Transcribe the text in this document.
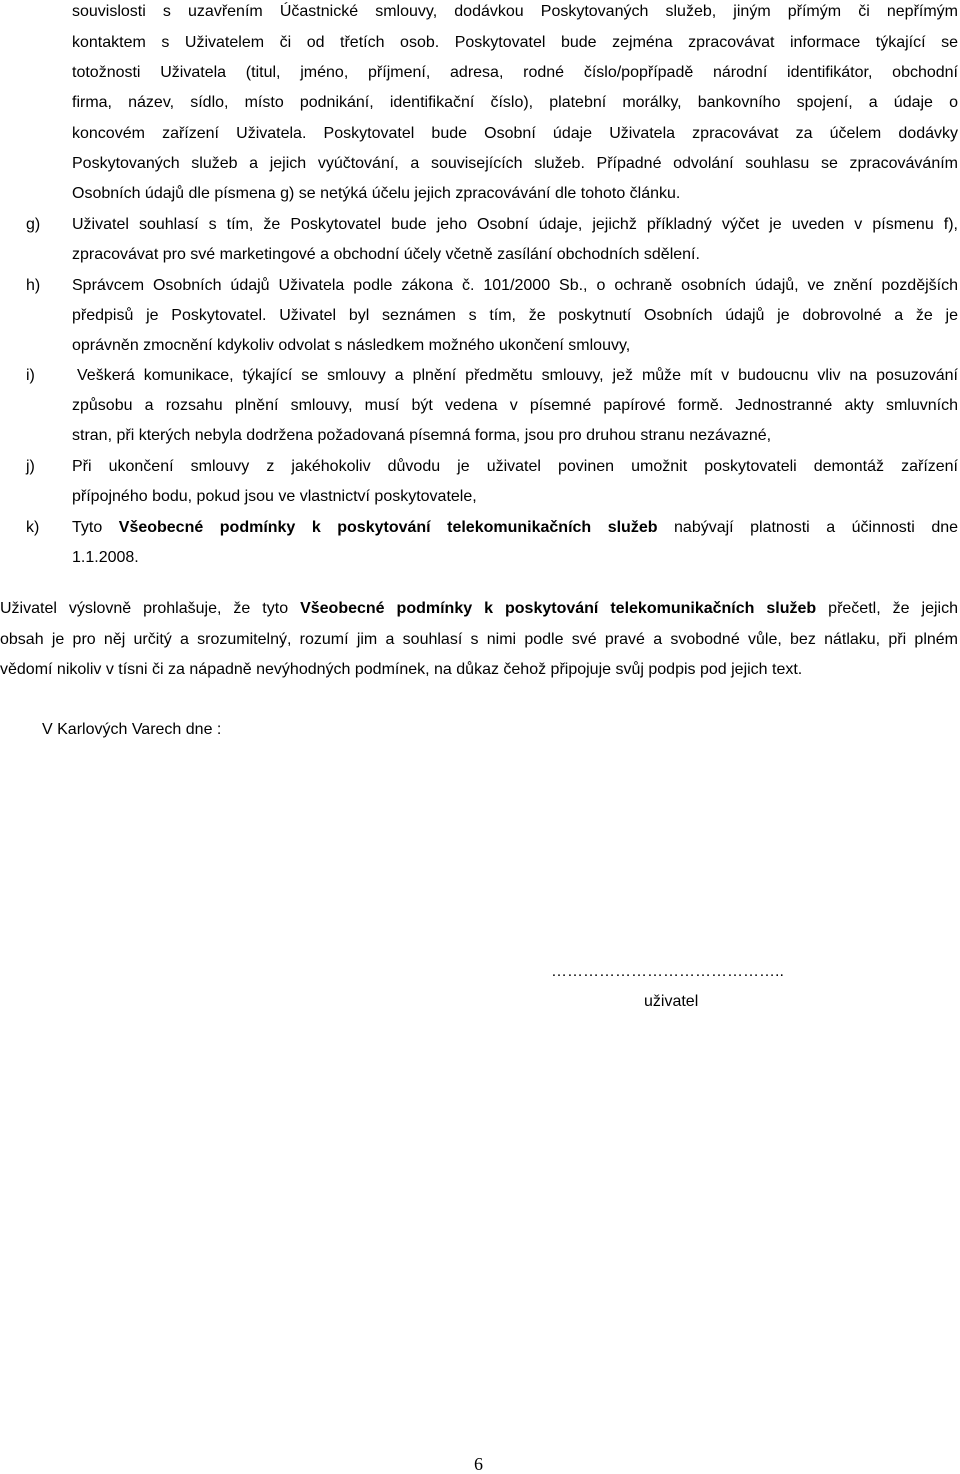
souvislosti s uzavřením Účastnické smlouvy, dodávkou Poskytovaných služeb, jiným přímým či nepřímým
kontaktem s Uživatelem či od třetích osob. Poskytovatel bude zejména zpracovávat informace týkající se
totožnosti Uživatela (titul, jméno, příjmení, adresa, rodné číslo/popřípadě národní identifikátor, obchodní
firma, název, sídlo, místo podnikání, identifikační číslo), platební morálky, bankovního spojení, a údaje o
koncovém zařízení Uživatela. Poskytovatel bude Osobní údaje Uživatela zpracovávat za účelem dodávky
Poskytovaných služeb a jejich vyúčtování, a souvisejících služeb. Případné odvolání souhlasu se zpracováváním
Osobních údajů dle písmena g) se netýká účelu jejich zpracovávání dle tohoto článku.
g) Uživatel souhlasí s tím, že Poskytovatel bude jeho Osobní údaje, jejichž příkladný výčet je uveden v písmenu f),
zpracovávat pro své marketingové a obchodní účely včetně zasílání obchodních sdělení.
h) Správcem Osobních údajů Uživatela podle zákona č. 101/2000 Sb., o ochraně osobních údajů, ve znění pozdějších
předpisů je Poskytovatel. Uživatel byl seznámen s tím, že poskytnutí Osobních údajů je dobrovolné a že je
oprávněn zmocnění kdykoliv odvolat s následkem možného ukončení smlouvy,
i)	Veškerá komunikace, týkající se smlouvy a plnění předmětu smlouvy, jež může mít v budoucnu vliv na posuzování
způsobu a rozsahu plnění smlouvy, musí být vedena v písemné papírové formě. Jednostranné akty smluvních
stran, při kterých nebyla dodržena požadovaná písemná forma, jsou pro druhou stranu nezávazné,
j) Při ukončení smlouvy z jakéhokoliv důvodu je uživatel povinen umožnit poskytovateli demontáž zařízení
přípojného bodu, pokud jsou ve vlastnictví poskytovatele,
k) Tyto Všeobecné podmínky k poskytování telekomunikačních služeb nabývají platnosti a účinnosti dne
1.1.2008.
Uživatel výslovně prohlašuje, že tyto Všeobecné podmínky k poskytování telekomunikačních služeb přečetl, že jejich
obsah je pro něj určitý a srozumitelný, rozumí jim a souhlasí s nimi podle své pravé a svobodné vůle, bez nátlaku, při plném
vědomí nikoliv v tísni či za nápadně nevýhodných podmínek, na důkaz čehož připojuje svůj podpis pod jejich text.
V Karlových Varech dne :
……………………………………..
uživatel
6
